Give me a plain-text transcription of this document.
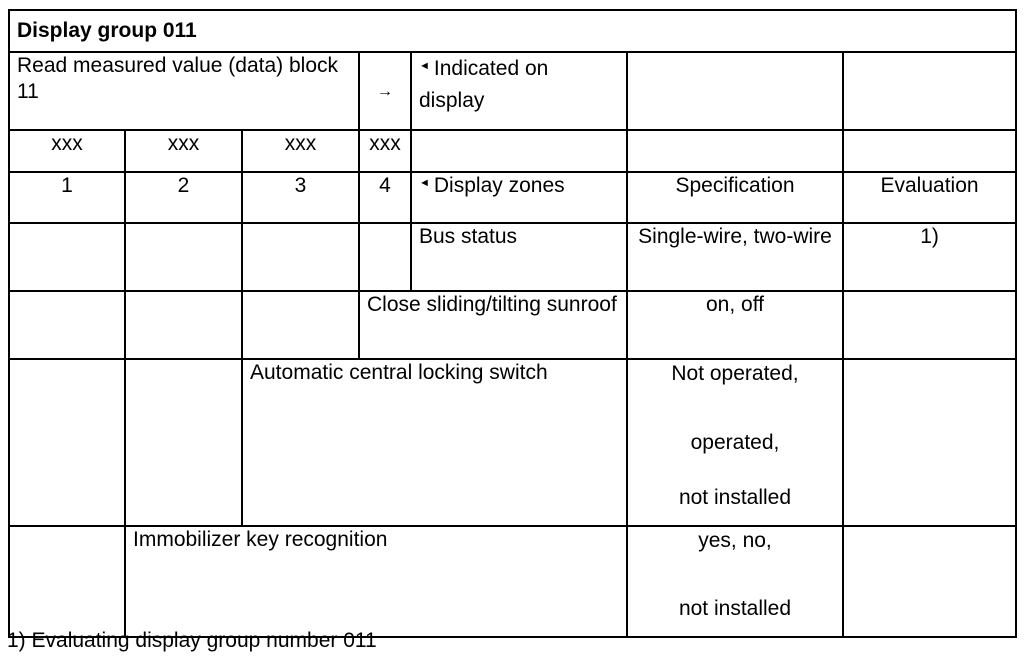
Display group 011						

Read measured value (data) block 11			→	◄ Indicated on display		

xxx	xxx	xxx	xxx			
1	2	3	4	◄ Display zones	Specification	Evaluation
				Bus status	Single-wire, two-wire	1)
			Close sliding/tilting sunroof		on, off	
		Automatic central locking switch			Not operated,
operated,
not installed	

	Immobilizer key recognition				yes, no,
not installed	

1) Evaluating display group number 011
